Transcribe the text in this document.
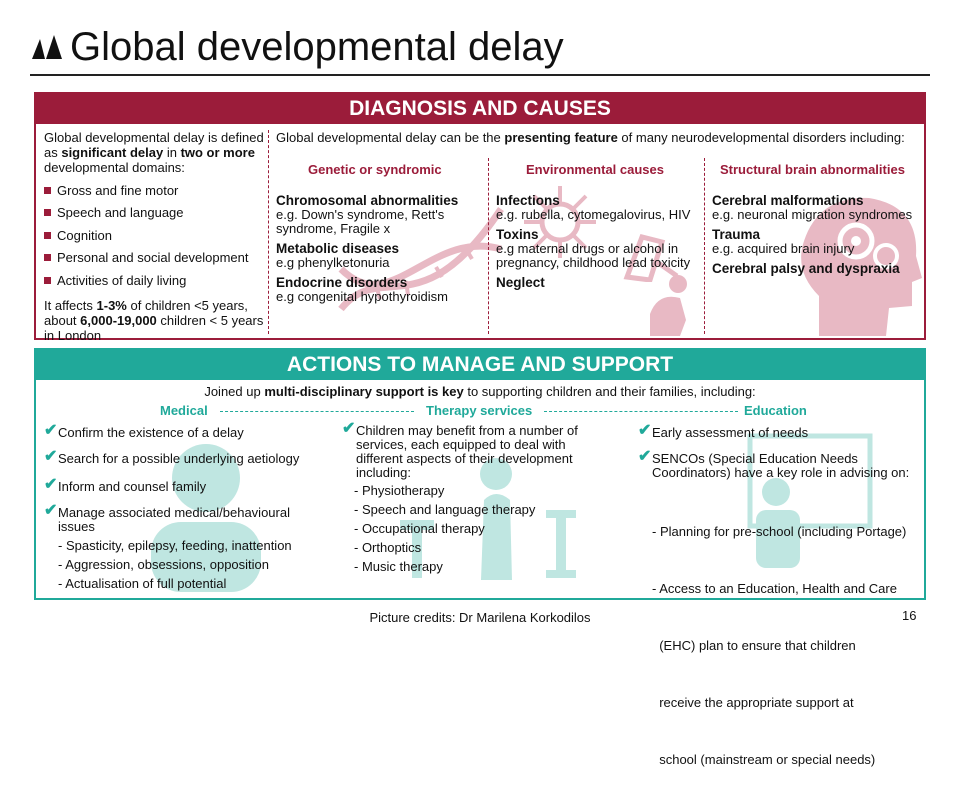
Global developmental delay
DIAGNOSIS AND CAUSES
Global developmental delay is defined as significant delay in two or more developmental domains:
Gross and fine motor
Speech and language
Cognition
Personal and social development
Activities of daily living
It affects 1-3% of children <5 years, about 6,000-19,000 children < 5 years in London
Global developmental delay can be the presenting feature of many neurodevelopmental disorders including:
Genetic or syndromic	Environmental causes	Structural brain abnormalities
Chromosomal abnormalities
e.g. Down's syndrome, Rett's syndrome, Fragile x
Metabolic diseases
e.g phenylketonuria
Endocrine disorders
e.g congenital hypothyroidism
Infections
e.g. rubella, cytomegalovirus, HIV
Toxins
e.g maternal drugs or alcohol in pregnancy, childhood lead toxicity
Neglect
Cerebral malformations
e.g. neuronal migration syndromes
Trauma
e.g. acquired brain injury
Cerebral palsy and dyspraxia
ACTIONS TO MANAGE AND SUPPORT
Joined up multi-disciplinary support is key to supporting children and their families, including:
Medical	Therapy services	Education
✔ Confirm the existence of a delay
✔ Search for a possible underlying aetiology
✔ Inform and counsel family
✔ Manage associated medical/behavioural issues
- Spasticity, epilepsy, feeding, inattention
- Aggression, obsessions, opposition
- Actualisation of full potential
✔ Children may benefit from a number of services, each equipped to deal with different aspects of their development including:
- Physiotherapy
- Speech and language therapy
- Occupational therapy
- Orthoptics
- Music therapy
✔ Early assessment of needs
✔ SENCOs (Special Education Needs Coordinators) have a key role in advising on:

- Planning for pre-school (including Portage)

- Access to an Education, Health and Care

(EHC) plan to ensure that children

receive the appropriate support at

school (mainstream or special needs)

Picture credits: Dr Marilena Korkodilos	16
